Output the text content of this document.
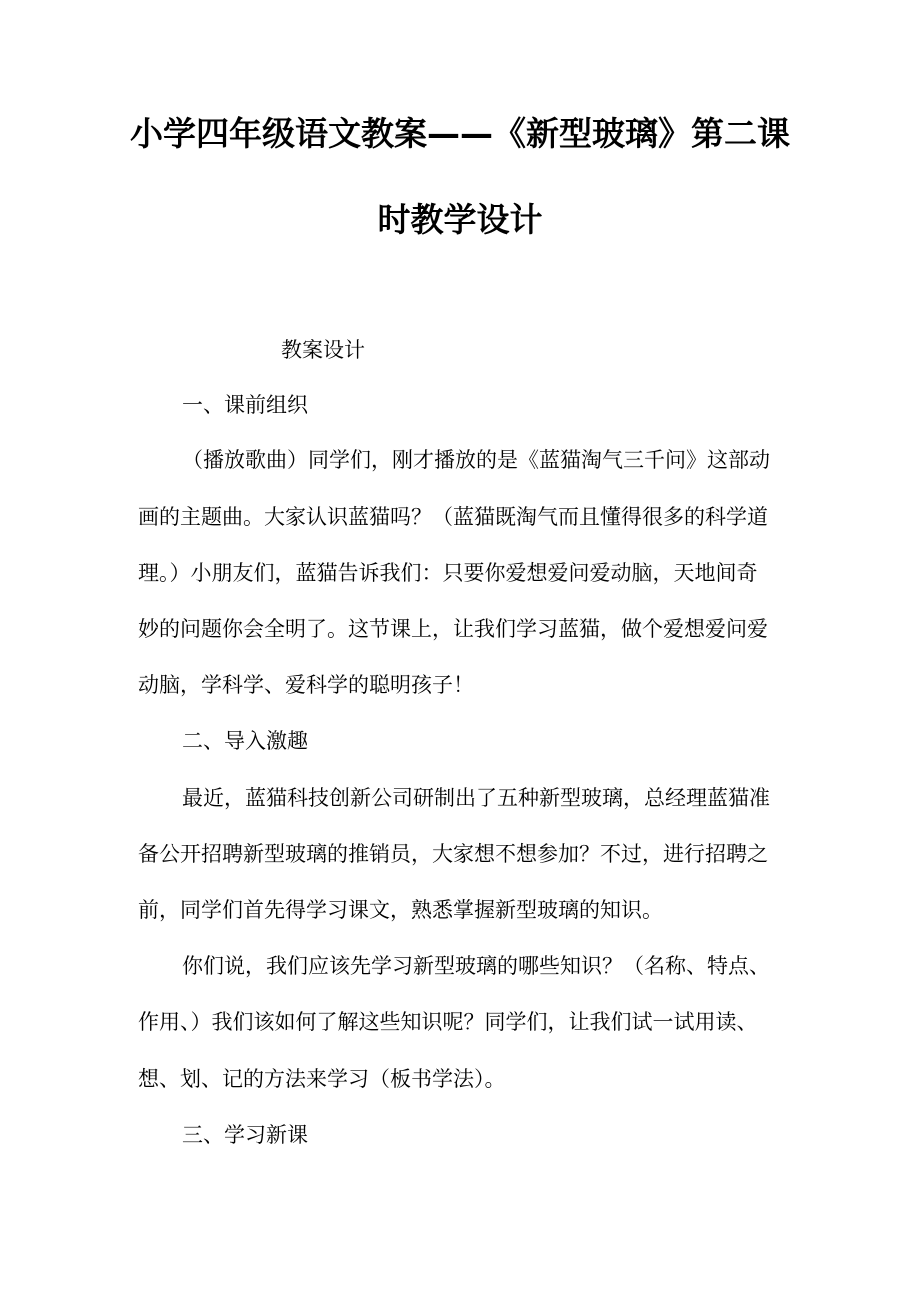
小学四年级语文教案——《新型玻璃》第二课
时教学设计
教案设计
一、课前组织
（播放歌曲）同学们，刚才播放的是《蓝猫淘气三千问》这部动
画的主题曲。大家认识蓝猫吗？（蓝猫既淘气而且懂得很多的科学道
理。）小朋友们，蓝猫告诉我们：只要你爱想爱问爱动脑，天地间奇
妙的问题你会全明了。这节课上，让我们学习蓝猫，做个爱想爱问爱
动脑，学科学、爱科学的聪明孩子！
二、导入激趣
最近，蓝猫科技创新公司研制出了五种新型玻璃，总经理蓝猫准
备公开招聘新型玻璃的推销员，大家想不想参加？不过，进行招聘之
前，同学们首先得学习课文，熟悉掌握新型玻璃的知识。
你们说，我们应该先学习新型玻璃的哪些知识？（名称、特点、
作用、）我们该如何了解这些知识呢？同学们，让我们试一试用读、
想、划、记的方法来学习（板书学法）。
三、学习新课
